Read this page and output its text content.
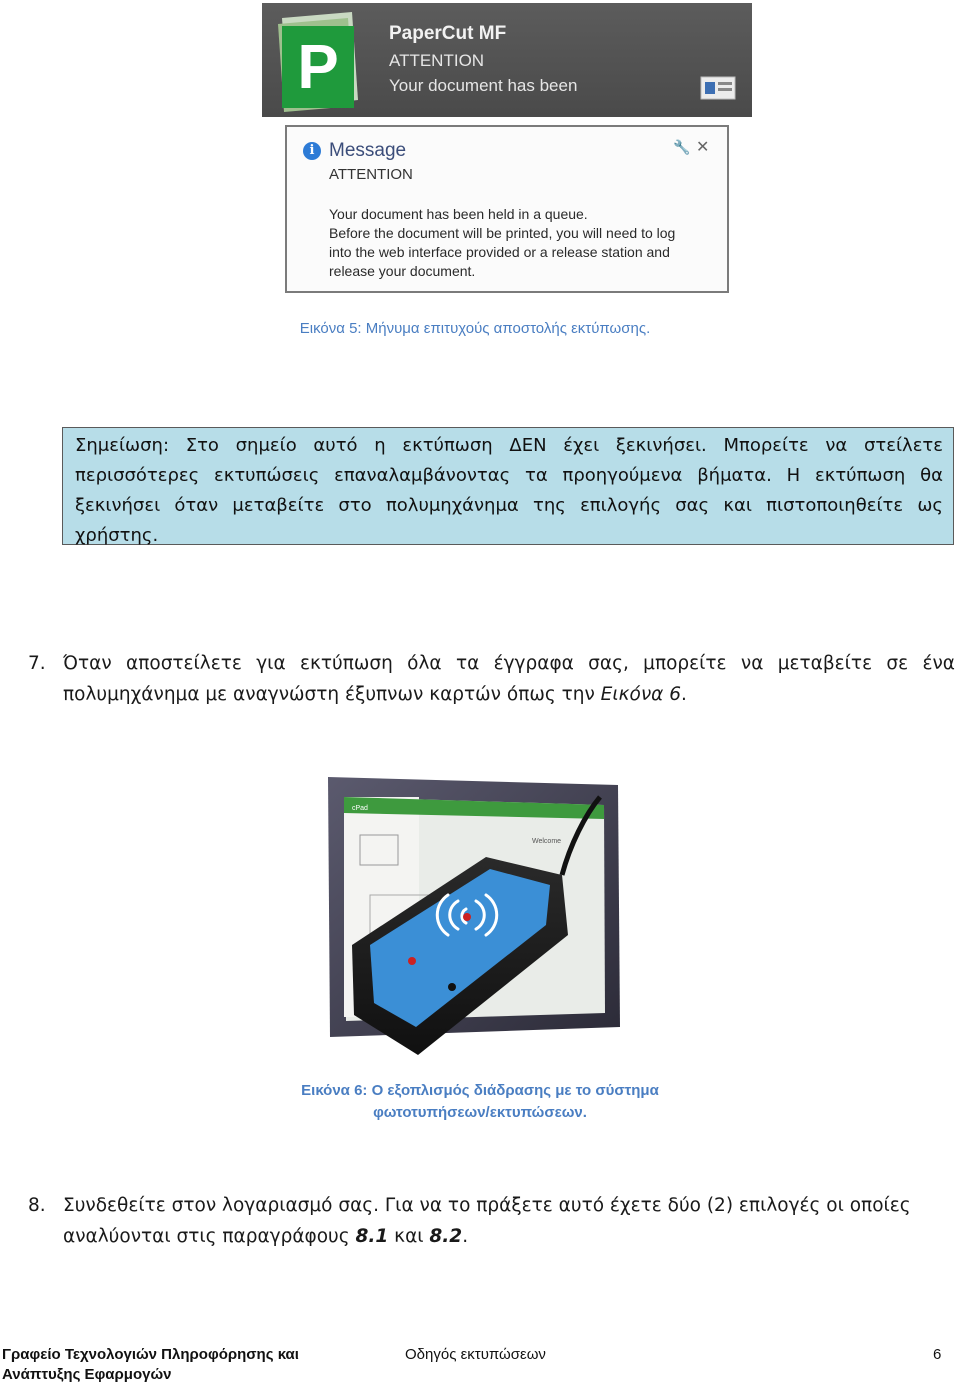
P	PaperCut MF
ATTENTION
Your document has been
i Message
ATTENTION
🔧 ✕
Your document has been held in a queue.
Before the document will be printed, you will need to log
into the web interface provided or a release station and
release your document.
Εικόνα 5: Μήνυμα επιτυχούς αποστολής εκτύπωσης.
Σημείωση: Στο σημείο αυτό η εκτύπωση ΔΕΝ έχει ξεκινήσει. Μπορείτε να στείλετε περισσότερες εκτυπώσεις επαναλαμβάνοντας τα προηγούμενα βήματα. Η εκτύπωση θα ξεκινήσει όταν μεταβείτε στο πολυμηχάνημα της επιλογής σας και πιστοποιηθείτε ως χρήστης.
7. Όταν αποστείλετε για εκτύπωση όλα τα έγγραφα σας, μπορείτε να μεταβείτε σε ένα πολυμηχάνημα με αναγνώστη έξυπνων καρτών όπως την Εικόνα 6.
cPad
Welcome
Εικόνα 6: Ο εξοπλισμός διάδρασης με το σύστημα
φωτοτυπήσεων/εκτυπώσεων.
8. Συνδεθείτε στον λογαριασμό σας. Για να το πράξετε αυτό έχετε δύο (2) επιλογές οι οποίες αναλύονται στις παραγράφους 8.1 και 8.2.
Γραφείο Τεχνολογιών Πληροφόρησης και
Ανάπτυξης Εφαρμογών
Οδηγός εκτυπώσεων	6
